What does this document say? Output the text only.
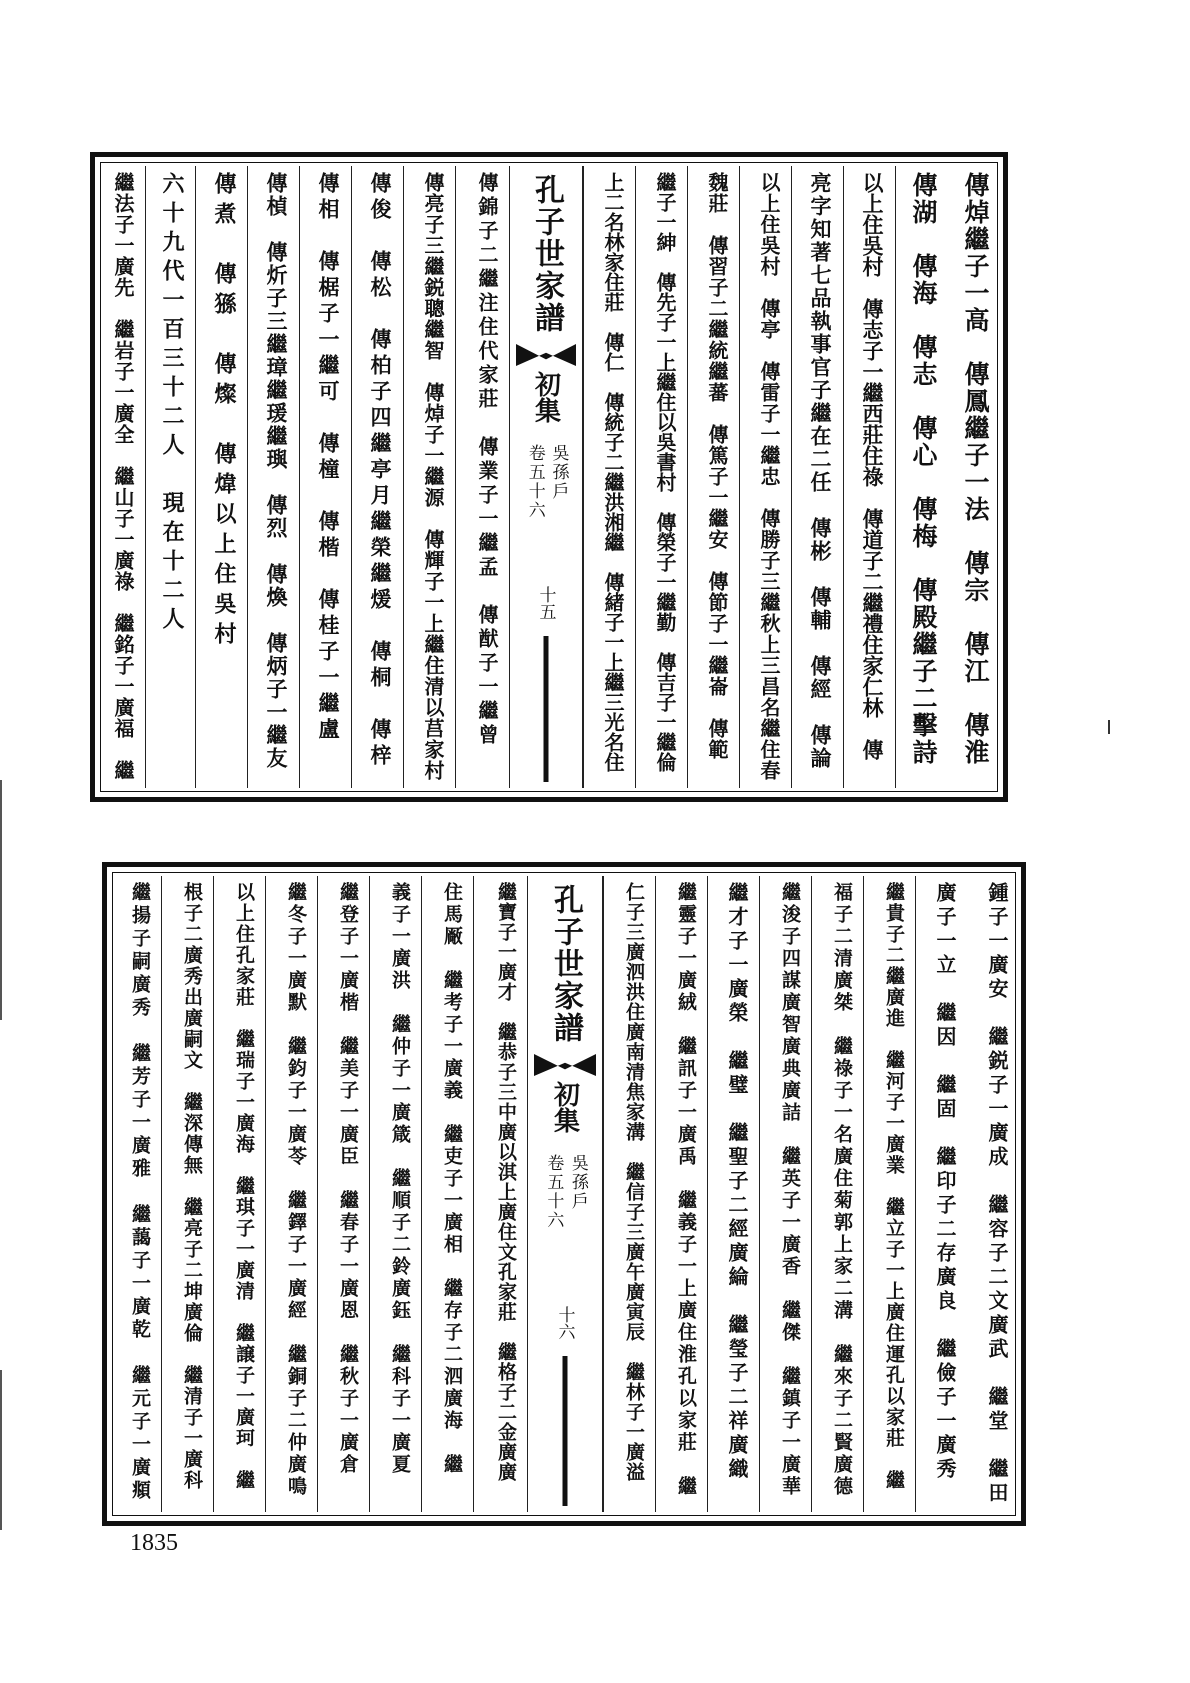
傳焯繼子一高　傳鳳繼子一法　傳宗　傳江　傳淮
傳湖　傳海　傳志　傳心　傳梅　傳殿繼子二擊詩
以上住吳村　傳志子一繼西莊住祿　傳道子二繼禮住家仁林　傳
亮字知著七品執事官子繼在二任　傳彬　傳輔　傳經　傳論
以上住吳村　傳亭　傳雷子一繼忠　傳勝子三繼秋上三昌名繼住春
魏莊　傳習子二繼統繼蕃　傳篤子一繼安　傳節子一繼崙　傳範
繼子一紳　傳先子一上繼住以吳書村　傳榮子一繼勤　傳吉子一繼倫
上二名林家住莊　傳仁　傳統子二繼洪湘繼　傳緒子一上繼三光名住
孔子世家譜
初集
卷五十六 吳孫戶
十五
傳錦子二繼注住代家莊　傳業子一繼孟　傳猷子一繼曾
傳亮子三繼鋭聰繼智　傳焯子一繼源　傳輝子一上繼住清以莒家村
傳俊　傳松　傳柏子四繼亭月繼榮繼煖　傳桐　傳梓
傳相　傳椐子一繼可　傳橦　傳楷　傳桂子一繼盧
傳楨　傳炘子三繼璋繼瑗繼璵　傳烈　傳煥　傳炳子一繼友
傳煮　傳猻　傳燦　傳煒以上住吳村
六十九代一百三十二人　現在十二人
繼法子一廣先　繼岩子一廣全　繼山子一廣祿　繼銘子一廣福　繼
鍾子一廣安　繼鋭子一廣成　繼容子二文廣武　繼堂　繼田
廣子一立　繼因　繼固　繼印子二存廣良　繼儉子一廣秀
繼貴子二繼廣進　繼河子一廣業　繼立子一上廣住運孔以家莊　繼
福子二清廣桀　繼祿子一名廣住菊郭上家二溝　繼來子二賢廣德
繼浚子四謀廣智廣典廣詰　繼英子一廣香　繼傑　繼鎮子一廣華
繼才子一廣榮　繼璧　繼聖子二經廣綸　繼瑩子二祥廣織
繼靈子一廣絨　繼訊子一廣禹　繼義子一上廣住淮孔以家莊　繼
仁子三廣泗洪住廣南清焦家溝　繼信子三廣午廣寅辰　繼林子一廣溢
孔子世家譜
初集
卷五十六 吳孫戶
十六
繼寶子一廣才　繼恭子三中廣以淇上廣住文孔家莊　繼格子二金廣廣
住馬厰　繼考子一廣義　繼吏子一廣相　繼存子二泗廣海　繼
義子一廣洪　繼仲子一廣箴　繼順子二鈴廣鈺　繼科子一廣夏
繼登子一廣楷　繼美子一廣臣　繼春子一廣恩　繼秋子一廣倉
繼冬子一廣默　繼鈞子一廣苓　繼鐸子一廣經　繼銅子二仲廣鳴
以上住孔家莊　繼瑞子一廣海　繼琪子一廣清　繼譲子一廣珂　繼
根子二廣秀出廣嗣文　繼深傳無　繼亮子二坤廣倫　繼清子一廣科
繼揚子嗣廣秀　繼芳子一廣雅　繼藹子一廣乾　繼元子一廣頫
1835
